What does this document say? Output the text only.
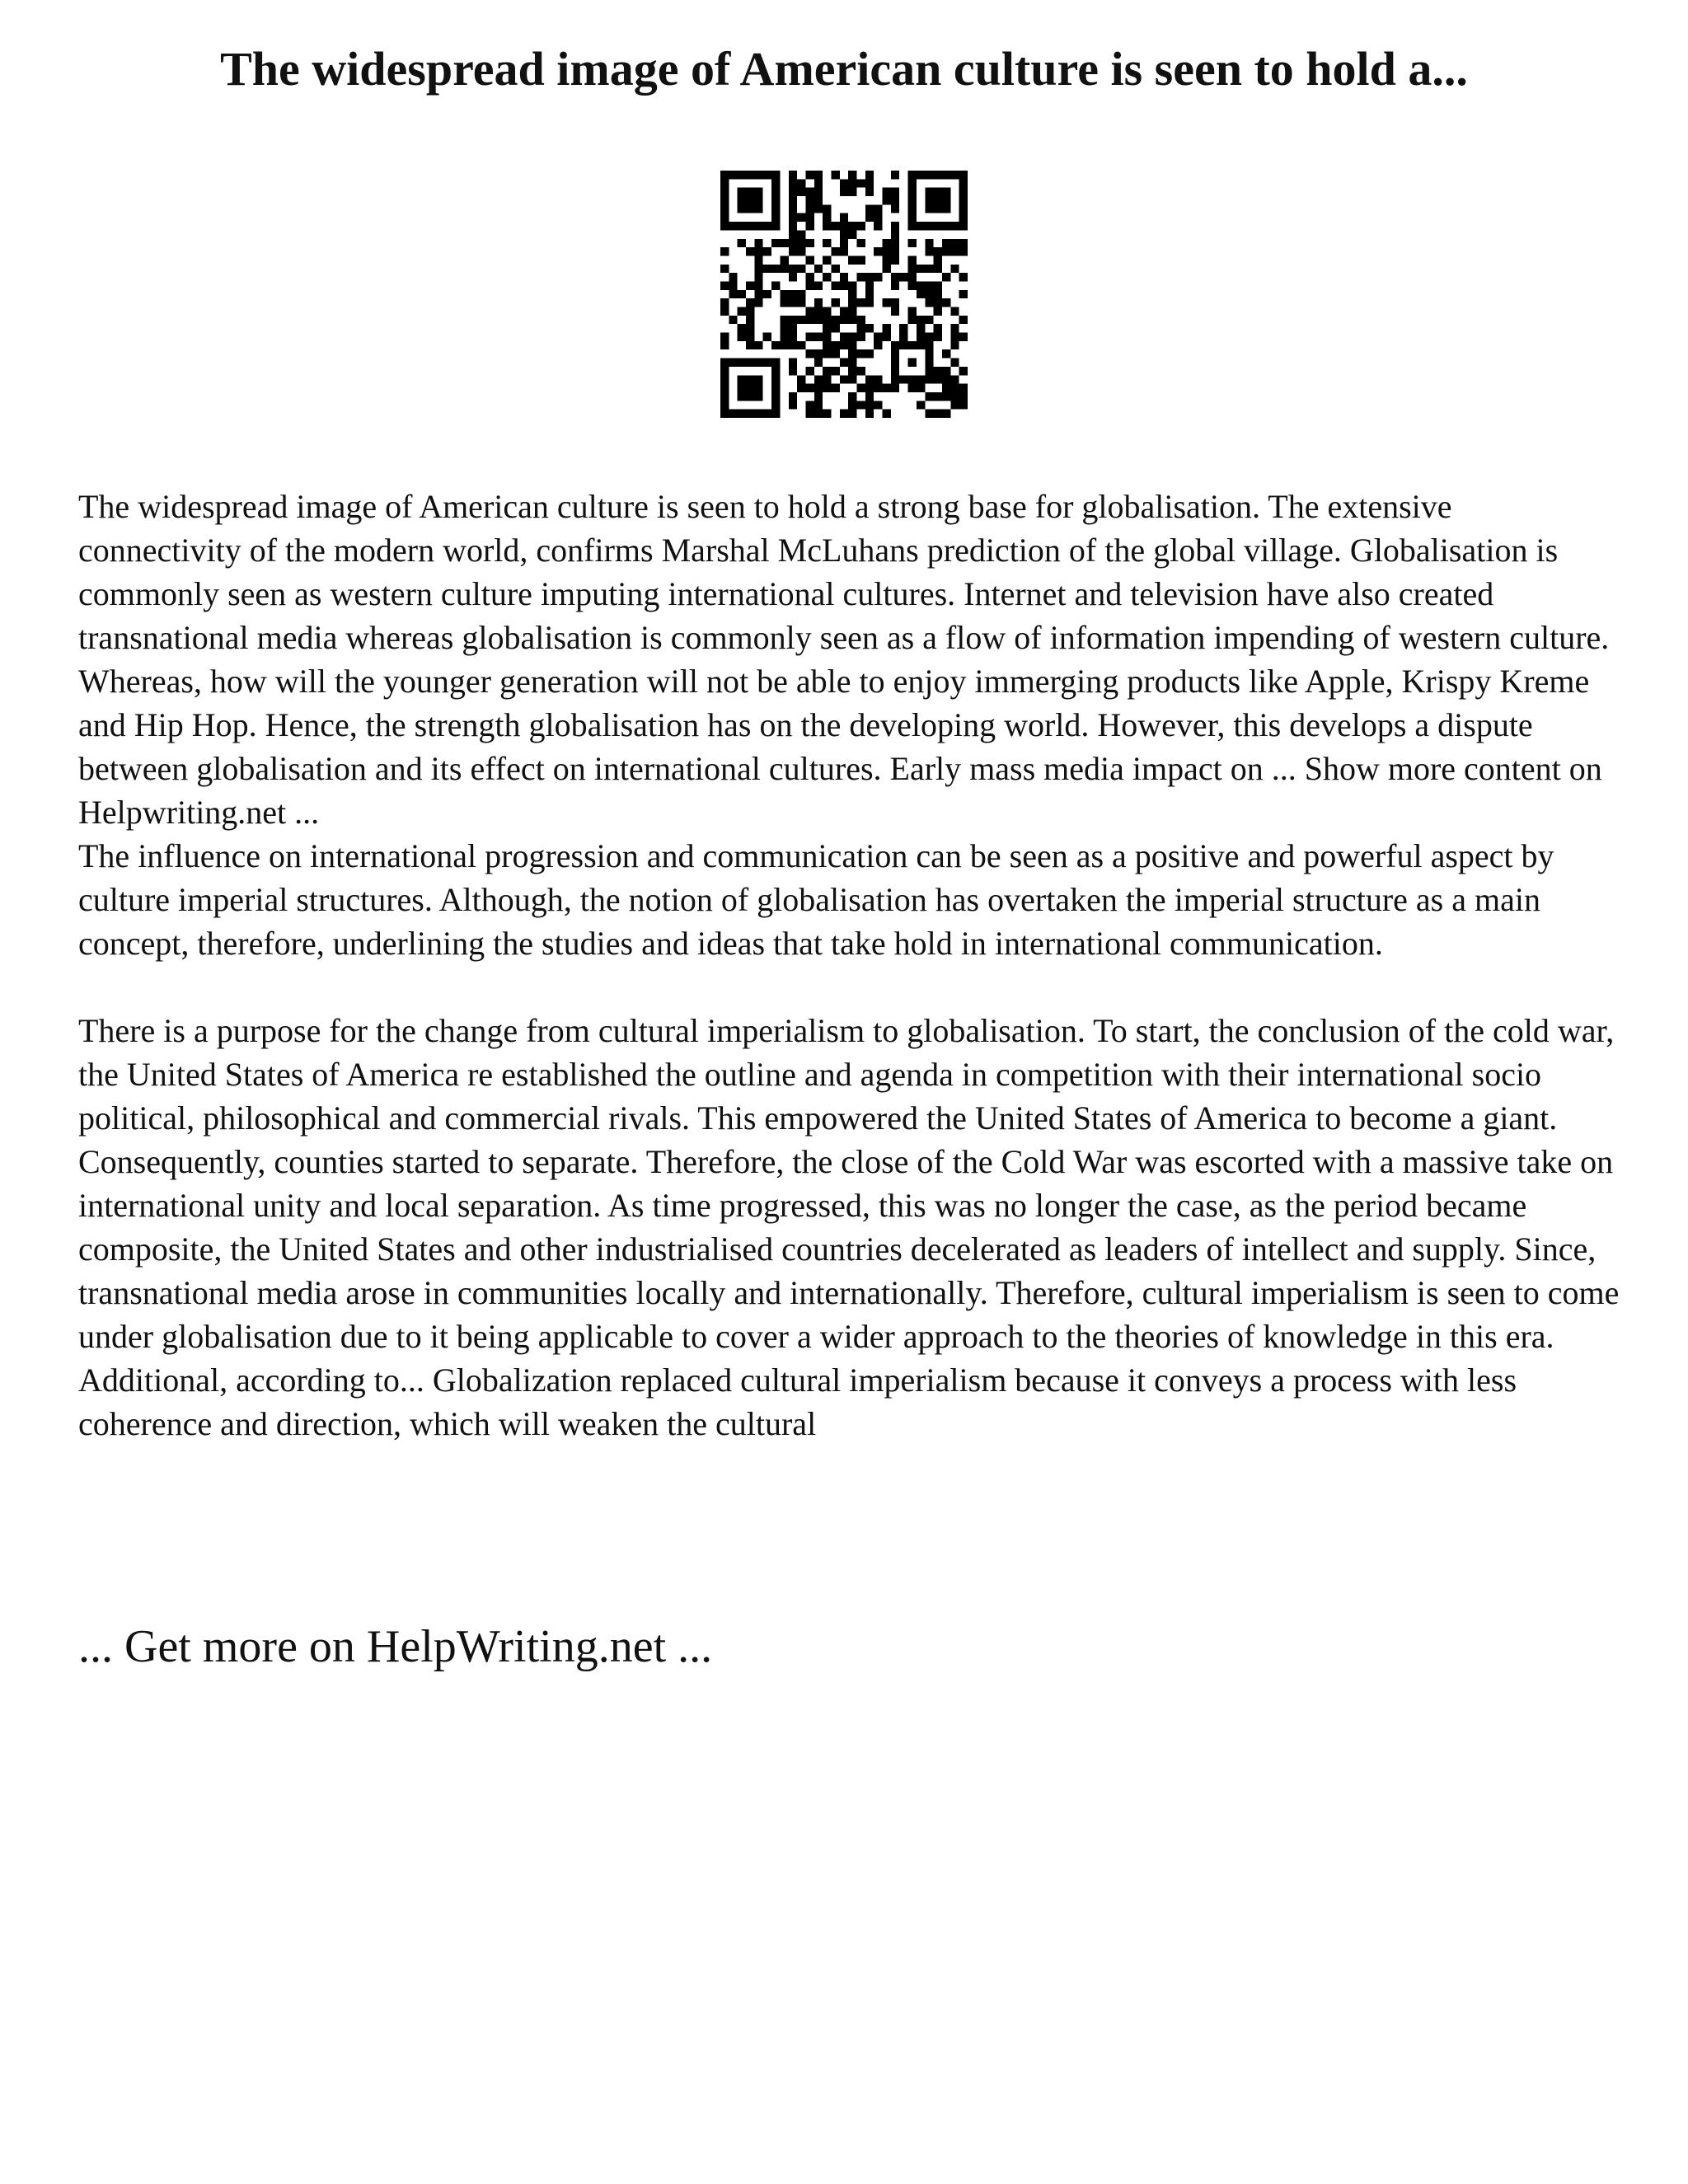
The widespread image of American culture is seen to hold a...

The widespread image of American culture is seen to hold a strong base for globalisation. The extensive connectivity of the modern world, confirms Marshal McLuhans prediction of the global village. Globalisation is commonly seen as western culture imputing international cultures. Internet and television have also created transnational media whereas globalisation is commonly seen as a flow of information impending of western culture. Whereas, how will the younger generation will not be able to enjoy immerging products like Apple, Krispy Kreme and Hip Hop. Hence, the strength globalisation has on the developing world. However, this develops a dispute between globalisation and its effect on international cultures. Early mass media impact on ... Show more content on Helpwriting.net ...

The influence on international progression and communication can be seen as a positive and powerful aspect by culture imperial structures. Although, the notion of globalisation has overtaken the imperial structure as a main concept, therefore, underlining the studies and ideas that take hold in international communication.

There is a purpose for the change from cultural imperialism to globalisation. To start, the conclusion of the cold war, the United States of America re established the outline and agenda in competition with their international socio political, philosophical and commercial rivals. This empowered the United States of America to become a giant. Consequently, counties started to separate. Therefore, the close of the Cold War was escorted with a massive take on international unity and local separation. As time progressed, this was no longer the case, as the period became composite, the United States and other industrialised countries decelerated as leaders of intellect and supply. Since, transnational media arose in communities locally and internationally. Therefore, cultural imperialism is seen to come under globalisation due to it being applicable to cover a wider approach to the theories of knowledge in this era. Additional, according to... Globalization replaced cultural imperialism because it conveys a process with less coherence and direction, which will weaken the cultural

... Get more on HelpWriting.net ...
